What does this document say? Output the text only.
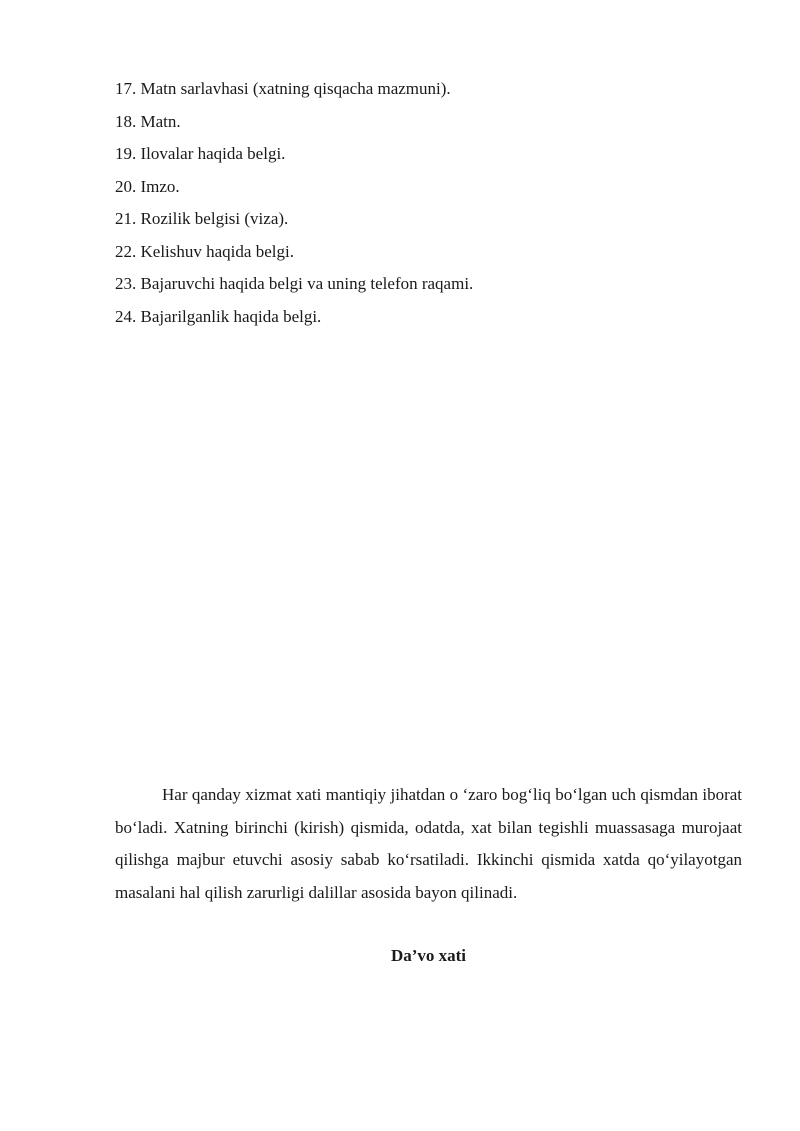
17. Matn sarlavhasi (xatning qisqacha mazmuni).
18. Matn.
19. Ilovalar haqida belgi.
20. Imzo.
21. Rozilik belgisi (viza).
22. Kelishuv haqida belgi.
23. Bajaruvchi haqida belgi va uning telefon raqami.
24. Bajarilganlik haqida belgi.

Har qanday xizmat xati mantiqiy jihatdan o ‘zaro bog‘liq bo‘lgan uch qismdan iborat bo‘ladi. Xatning birinchi (kirish) qismida, odatda, xat bilan tegishli muassasaga murojaat qilishga majbur etuvchi asosiy sabab ko‘rsatiladi. Ikkinchi qismida xatda qo‘yilayotgan masalani hal qilish zarurligi dalillar asosida bayon qilinadi.

Da’vo xati
